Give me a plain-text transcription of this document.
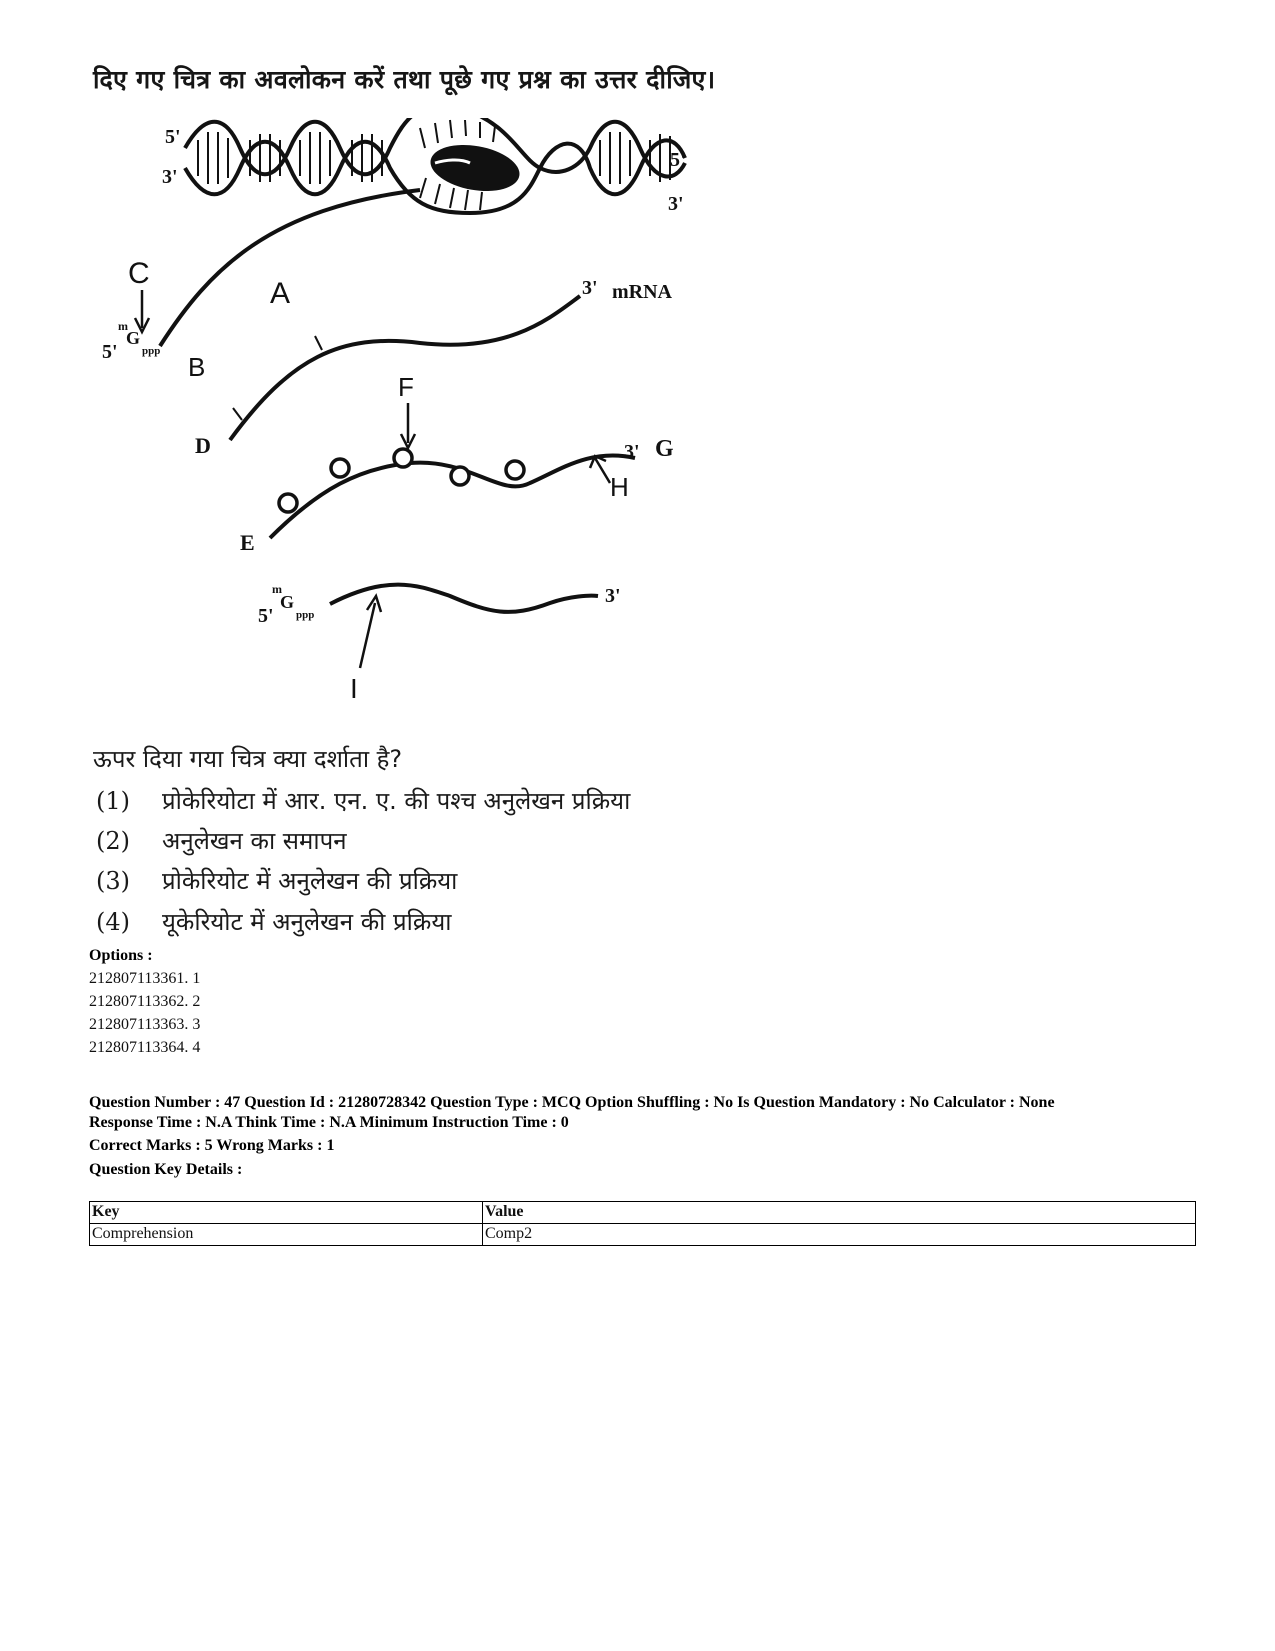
दिए गए चित्र का अवलोकन करें तथा पूछे गए प्रश्न का उत्तर दीजिए।
5'
3'
5'
3'
C
A	3' mRNA
m
G
ppp
5'	B
D
F
3' G
H
E
m
G
ppp
5'
3'
I
ऊपर दिया गया चित्र क्या दर्शाता है?
(1) प्रोकेरियोटा में आर. एन. ए. की पश्च अनुलेखन प्रक्रिया
(2) अनुलेखन का समापन
(3) प्रोकेरियोट में अनुलेखन की प्रक्रिया
(4) यूकेरियोट में अनुलेखन की प्रक्रिया
Options :
212807113361. 1
212807113362. 2
212807113363. 3
212807113364. 4
Question Number : 47 Question Id : 21280728342 Question Type : MCQ Option Shuffling : No Is Question Mandatory : No Calculator : None
Response Time : N.A Think Time : N.A Minimum Instruction Time : 0
Correct Marks : 5 Wrong Marks : 1
Question Key Details :
Key	Value
Comprehension	Comp2
